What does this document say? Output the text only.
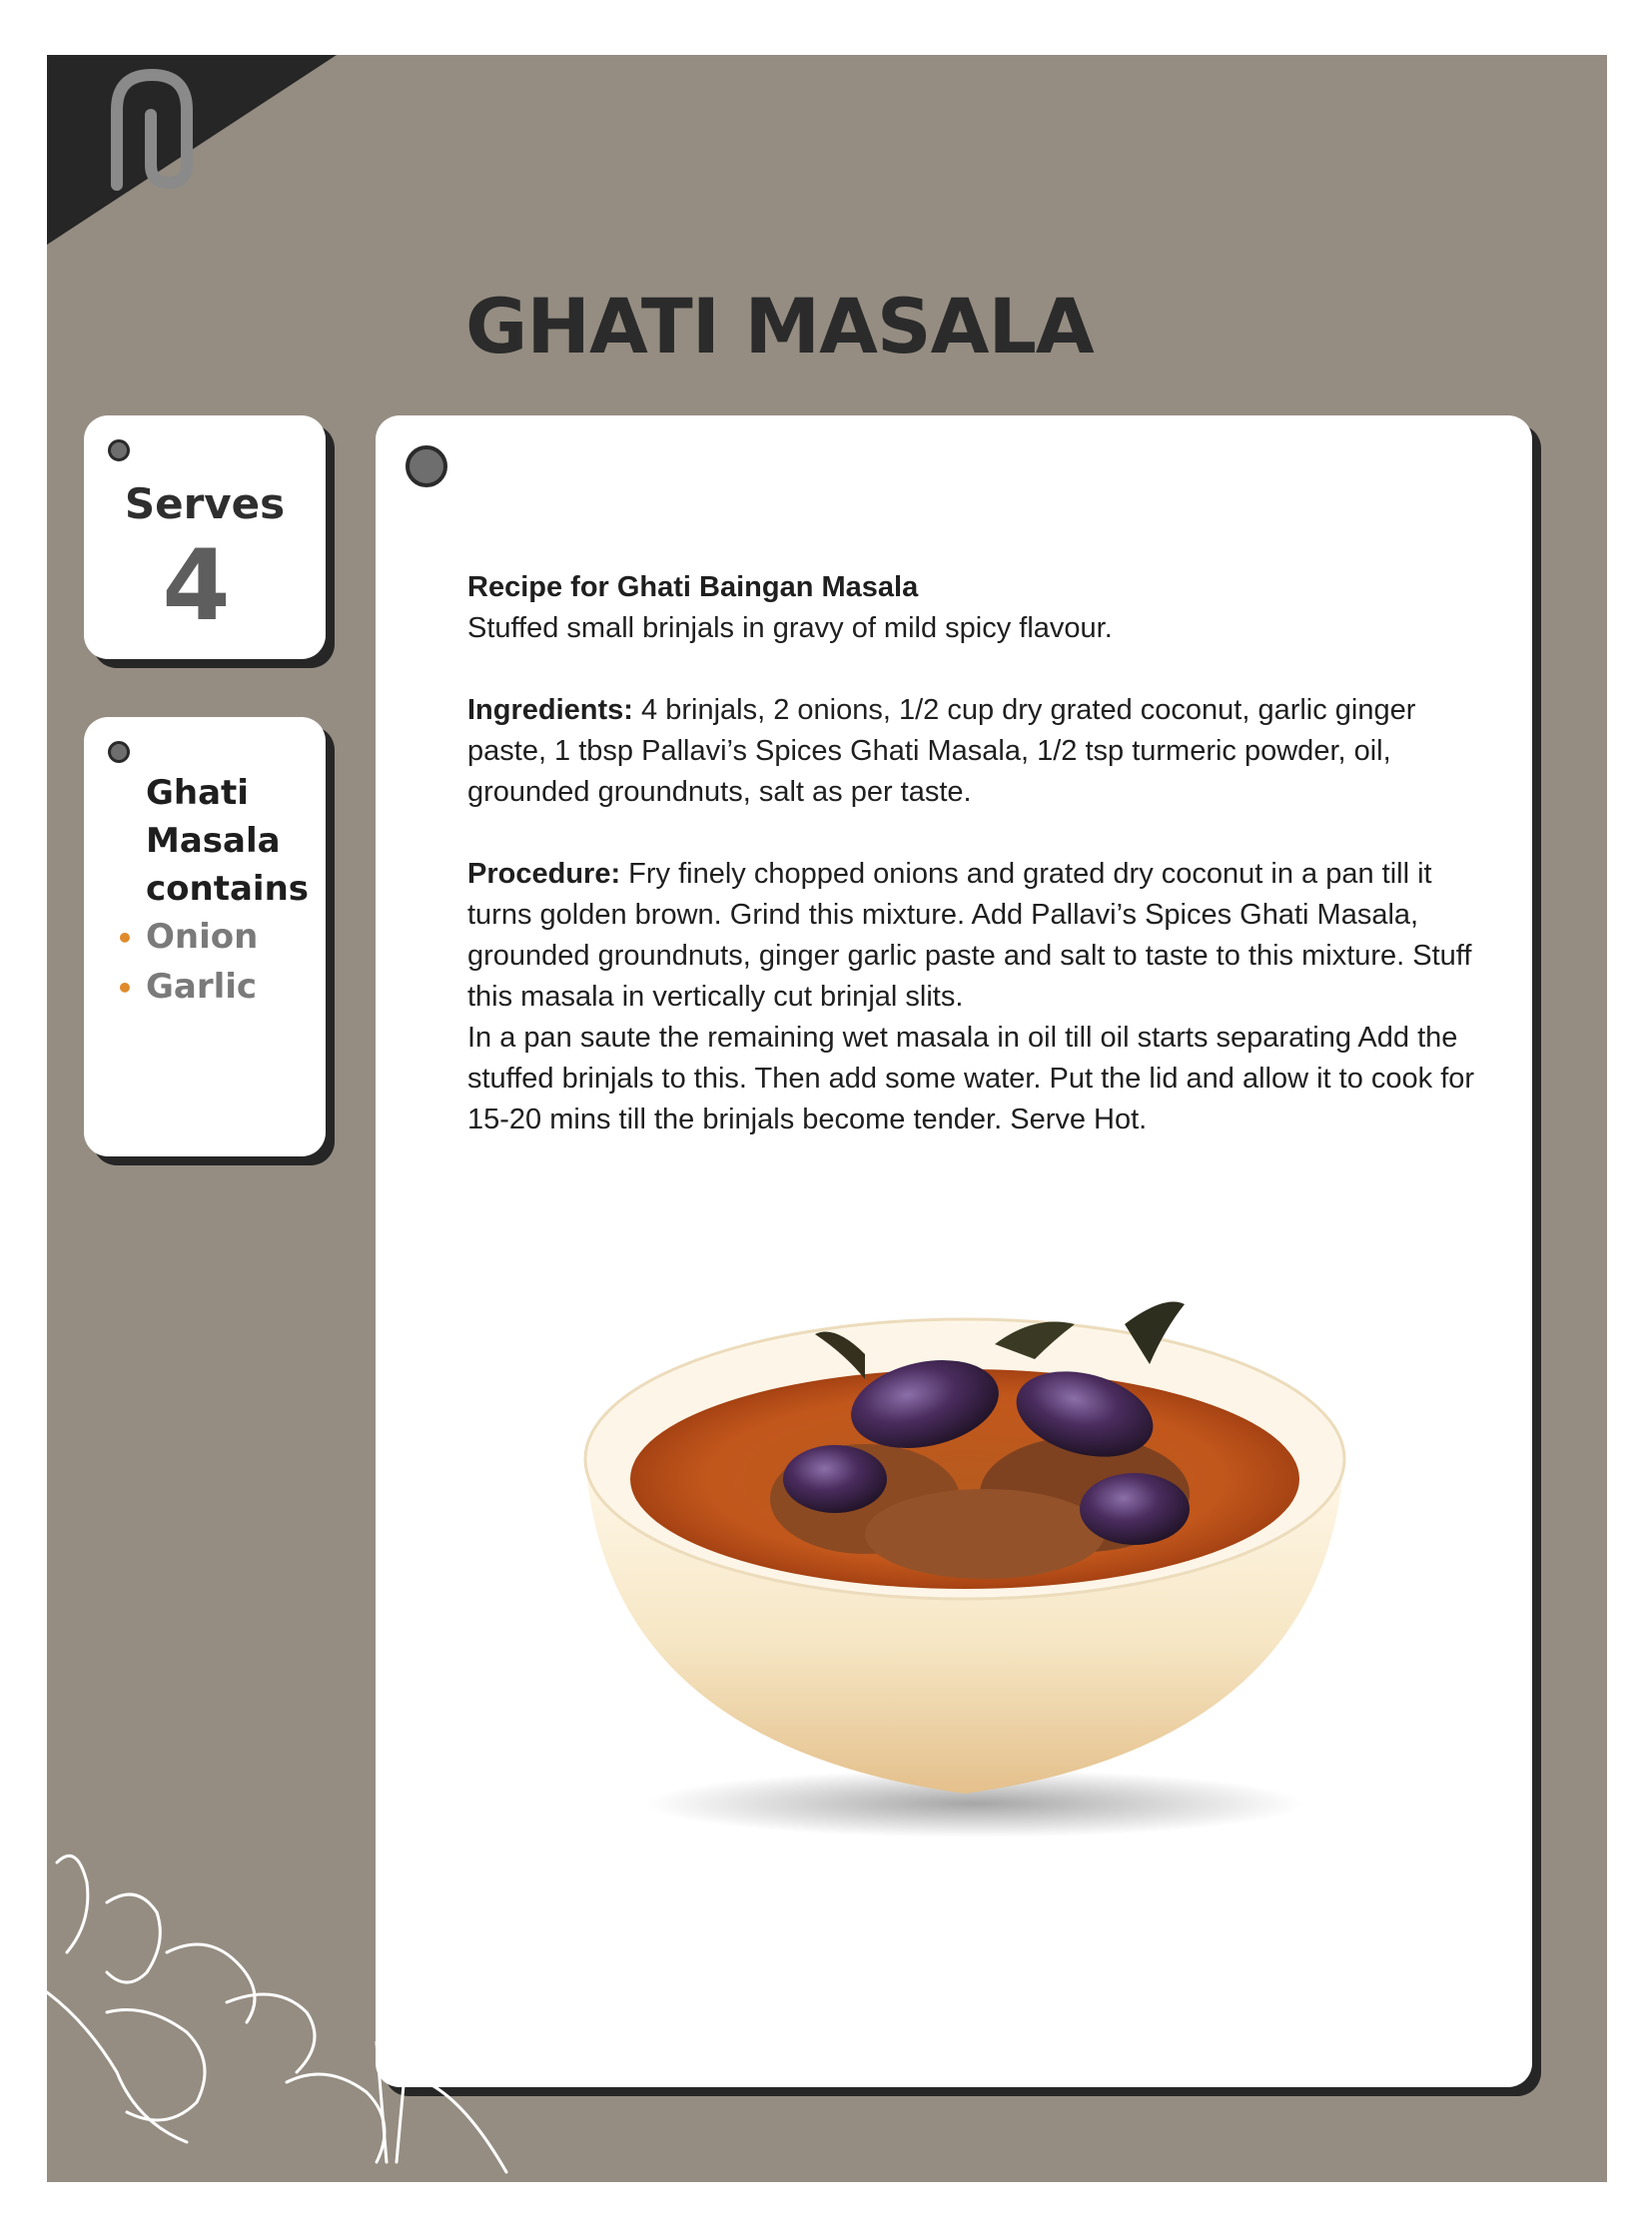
GHATI MASALA
Serves
4
Ghati Masala contains
• Onion
• Garlic

Recipe for Ghati Baingan Masala

Stuffed small brinjals in gravy of mild spicy flavour.

Ingredients: 4 brinjals, 2 onions, 1/2 cup dry grated coconut, garlic ginger paste, 1 tbsp Pallavi’s Spices Ghati Masala, 1/2 tsp turmeric powder, oil, grounded groundnuts, salt as per taste.

Procedure: Fry finely chopped onions and grated dry coconut in a pan till it turns golden brown. Grind this mixture. Add Pallavi’s Spices Ghati Masala, grounded groundnuts, ginger garlic paste and salt to taste to this mixture. Stuff this masala in vertically cut brinjal slits.

In a pan saute the remaining wet masala in oil till oil starts separating Add the stuffed brinjals to this. Then add some water. Put the lid and allow it to cook for 15-20 mins till the brinjals become tender. Serve Hot.
